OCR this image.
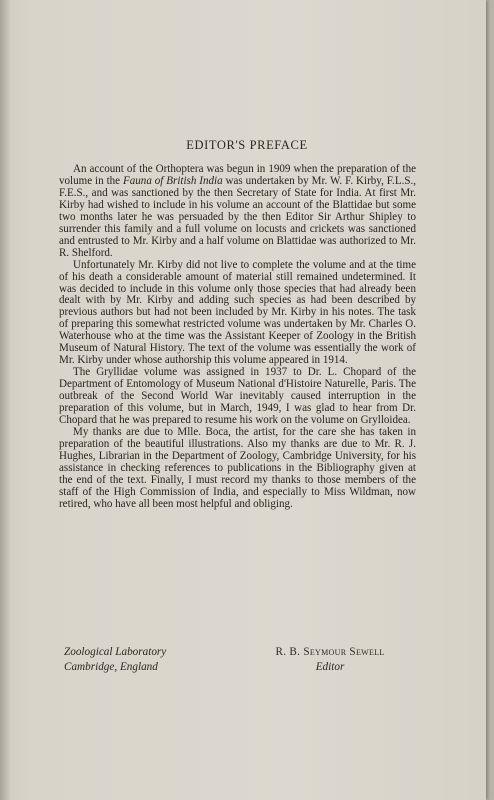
EDITOR'S PREFACE

An account of the Orthoptera was begun in 1909 when the preparation of the volume in the Fauna of British India was undertaken by Mr. W. F. Kirby, F.L.S., F.E.S., and was sanctioned by the then Secretary of State for India. At first Mr. Kirby had wished to include in his volume an account of the Blattidae but some two months later he was persuaded by the then Editor Sir Arthur Shipley to surrender this family and a full volume on locusts and crickets was sanctioned and entrusted to Mr. Kirby and a half volume on Blattidae was authorized to Mr. R. Shelford.

Unfortunately Mr. Kirby did not live to complete the volume and at the time of his death a considerable amount of material still remained undetermined. It was decided to include in this volume only those species that had already been dealt with by Mr. Kirby and adding such species as had been described by previous authors but had not been included by Mr. Kirby in his notes. The task of preparing this somewhat restricted volume was undertaken by Mr. Charles O. Waterhouse who at the time was the Assistant Keeper of Zoology in the British Museum of Natural History. The text of the volume was essentially the work of Mr. Kirby under whose authorship this volume appeared in 1914.

The Gryllidae volume was assigned in 1937 to Dr. L. Chopard of the Department of Entomology of Museum National d'Histoire Naturelle, Paris. The outbreak of the Second World War inevitably caused interruption in the preparation of this volume, but in March, 1949, I was glad to hear from Dr. Chopard that he was prepared to resume his work on the volume on Grylloidea.

My thanks are due to Mlle. Boca, the artist, for the care she has taken in preparation of the beautiful illustrations. Also my thanks are due to Mr. R. J. Hughes, Librarian in the Department of Zoology, Cambridge University, for his assistance in checking references to publications in the Bibliography given at the end of the text. Finally, I must record my thanks to those members of the staff of the High Commission of India, and especially to Miss Wildman, now retired, who have all been most helpful and obliging.

Zoological Laboratory
Cambridge, England
R. B. Seymour Sewell
Editor
